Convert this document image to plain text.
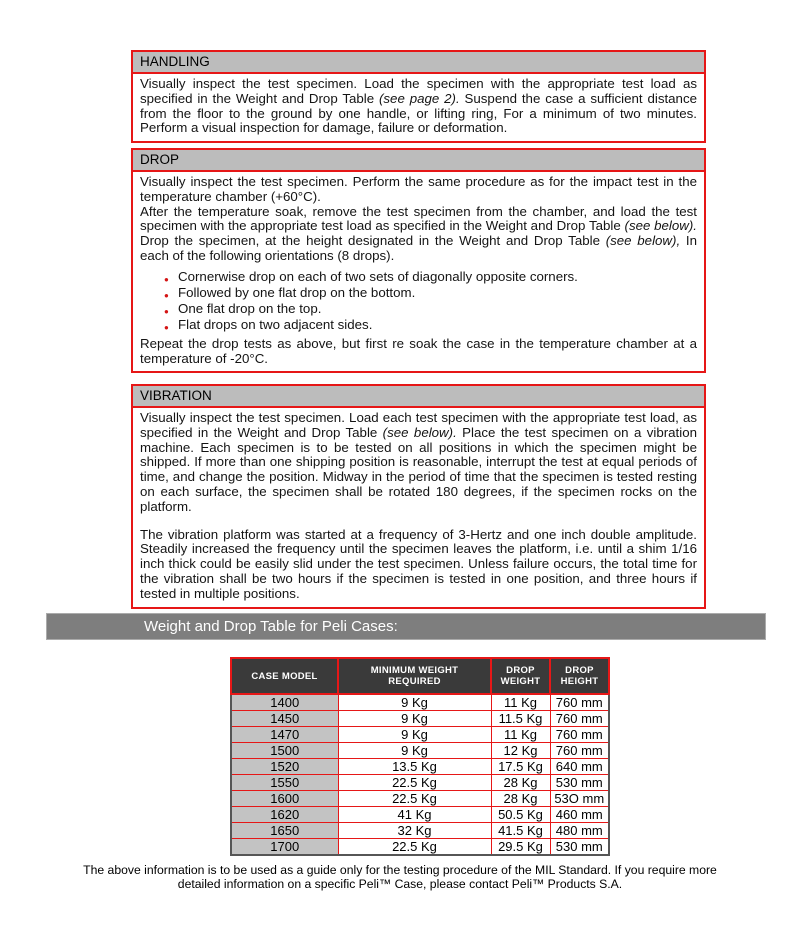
HANDLING

Visually inspect the test specimen. Load the specimen with the appropriate test load as specified in the Weight and Drop Table (see page 2). Suspend the case a sufficient distance from the floor to the ground by one handle, or lifting ring, For a minimum of two minutes. Perform a visual inspection for damage, failure or deformation.

DROP

Visually inspect the test specimen. Perform the same procedure as for the impact test in the temperature chamber (+60°C).

After the temperature soak, remove the test specimen from the chamber, and load the test specimen with the appropriate test load as specified in the Weight and Drop Table (see below). Drop the specimen, at the height designated in the Weight and Drop Table (see below), In each of the following orientations (8 drops).

● Cornerwise drop on each of two sets of diagonally opposite corners.
● Followed by one flat drop on the bottom.
● One flat drop on the top.
● Flat drops on two adjacent sides.

Repeat the drop tests as above, but first re soak the case in the temperature chamber at a temperature of -20°C.

VIBRATION

Visually inspect the test specimen. Load each test specimen with the appropriate test load, as specified in the Weight and Drop Table (see below). Place the test specimen on a vibration machine. Each specimen is to be tested on all positions in which the specimen might be shipped. If more than one shipping position is reasonable, interrupt the test at equal periods of time, and change the position. Midway in the period of time that the specimen is tested resting on each surface, the specimen shall be rotated 180 degrees, if the specimen rocks on the platform.

The vibration platform was started at a frequency of 3-Hertz and one inch double amplitude. Steadily increased the frequency until the specimen leaves the platform, i.e. until a shim 1/16 inch thick could be easily slid under the test specimen. Unless failure occurs, the total time for the vibration shall be two hours if the specimen is tested in one position, and three hours if tested in multiple positions.

Weight and Drop Table for Peli Cases:
CASE MODEL	MINIMUM WEIGHT REQUIRED	DROP WEIGHT	DROP HEIGHT
1400	9 Kg	11 Kg	760 mm
1450	9 Kg	11.5 Kg	760 mm
1470	9 Kg	11 Kg	760 mm
1500	9 Kg	12 Kg	760 mm
1520	13.5 Kg	17.5 Kg	640 mm
1550	22.5 Kg	28 Kg	530 mm
1600	22.5 Kg	28 Kg	53O mm
1620	41 Kg	50.5 Kg	460 mm
1650	32 Kg	41.5 Kg	480 mm
1700	22.5 Kg	29.5 Kg	530 mm
The above information is to be used as a guide only for the testing procedure of the MIL Standard. If you require more
detailed information on a specific Peli™ Case, please contact Peli™ Products S.A.
